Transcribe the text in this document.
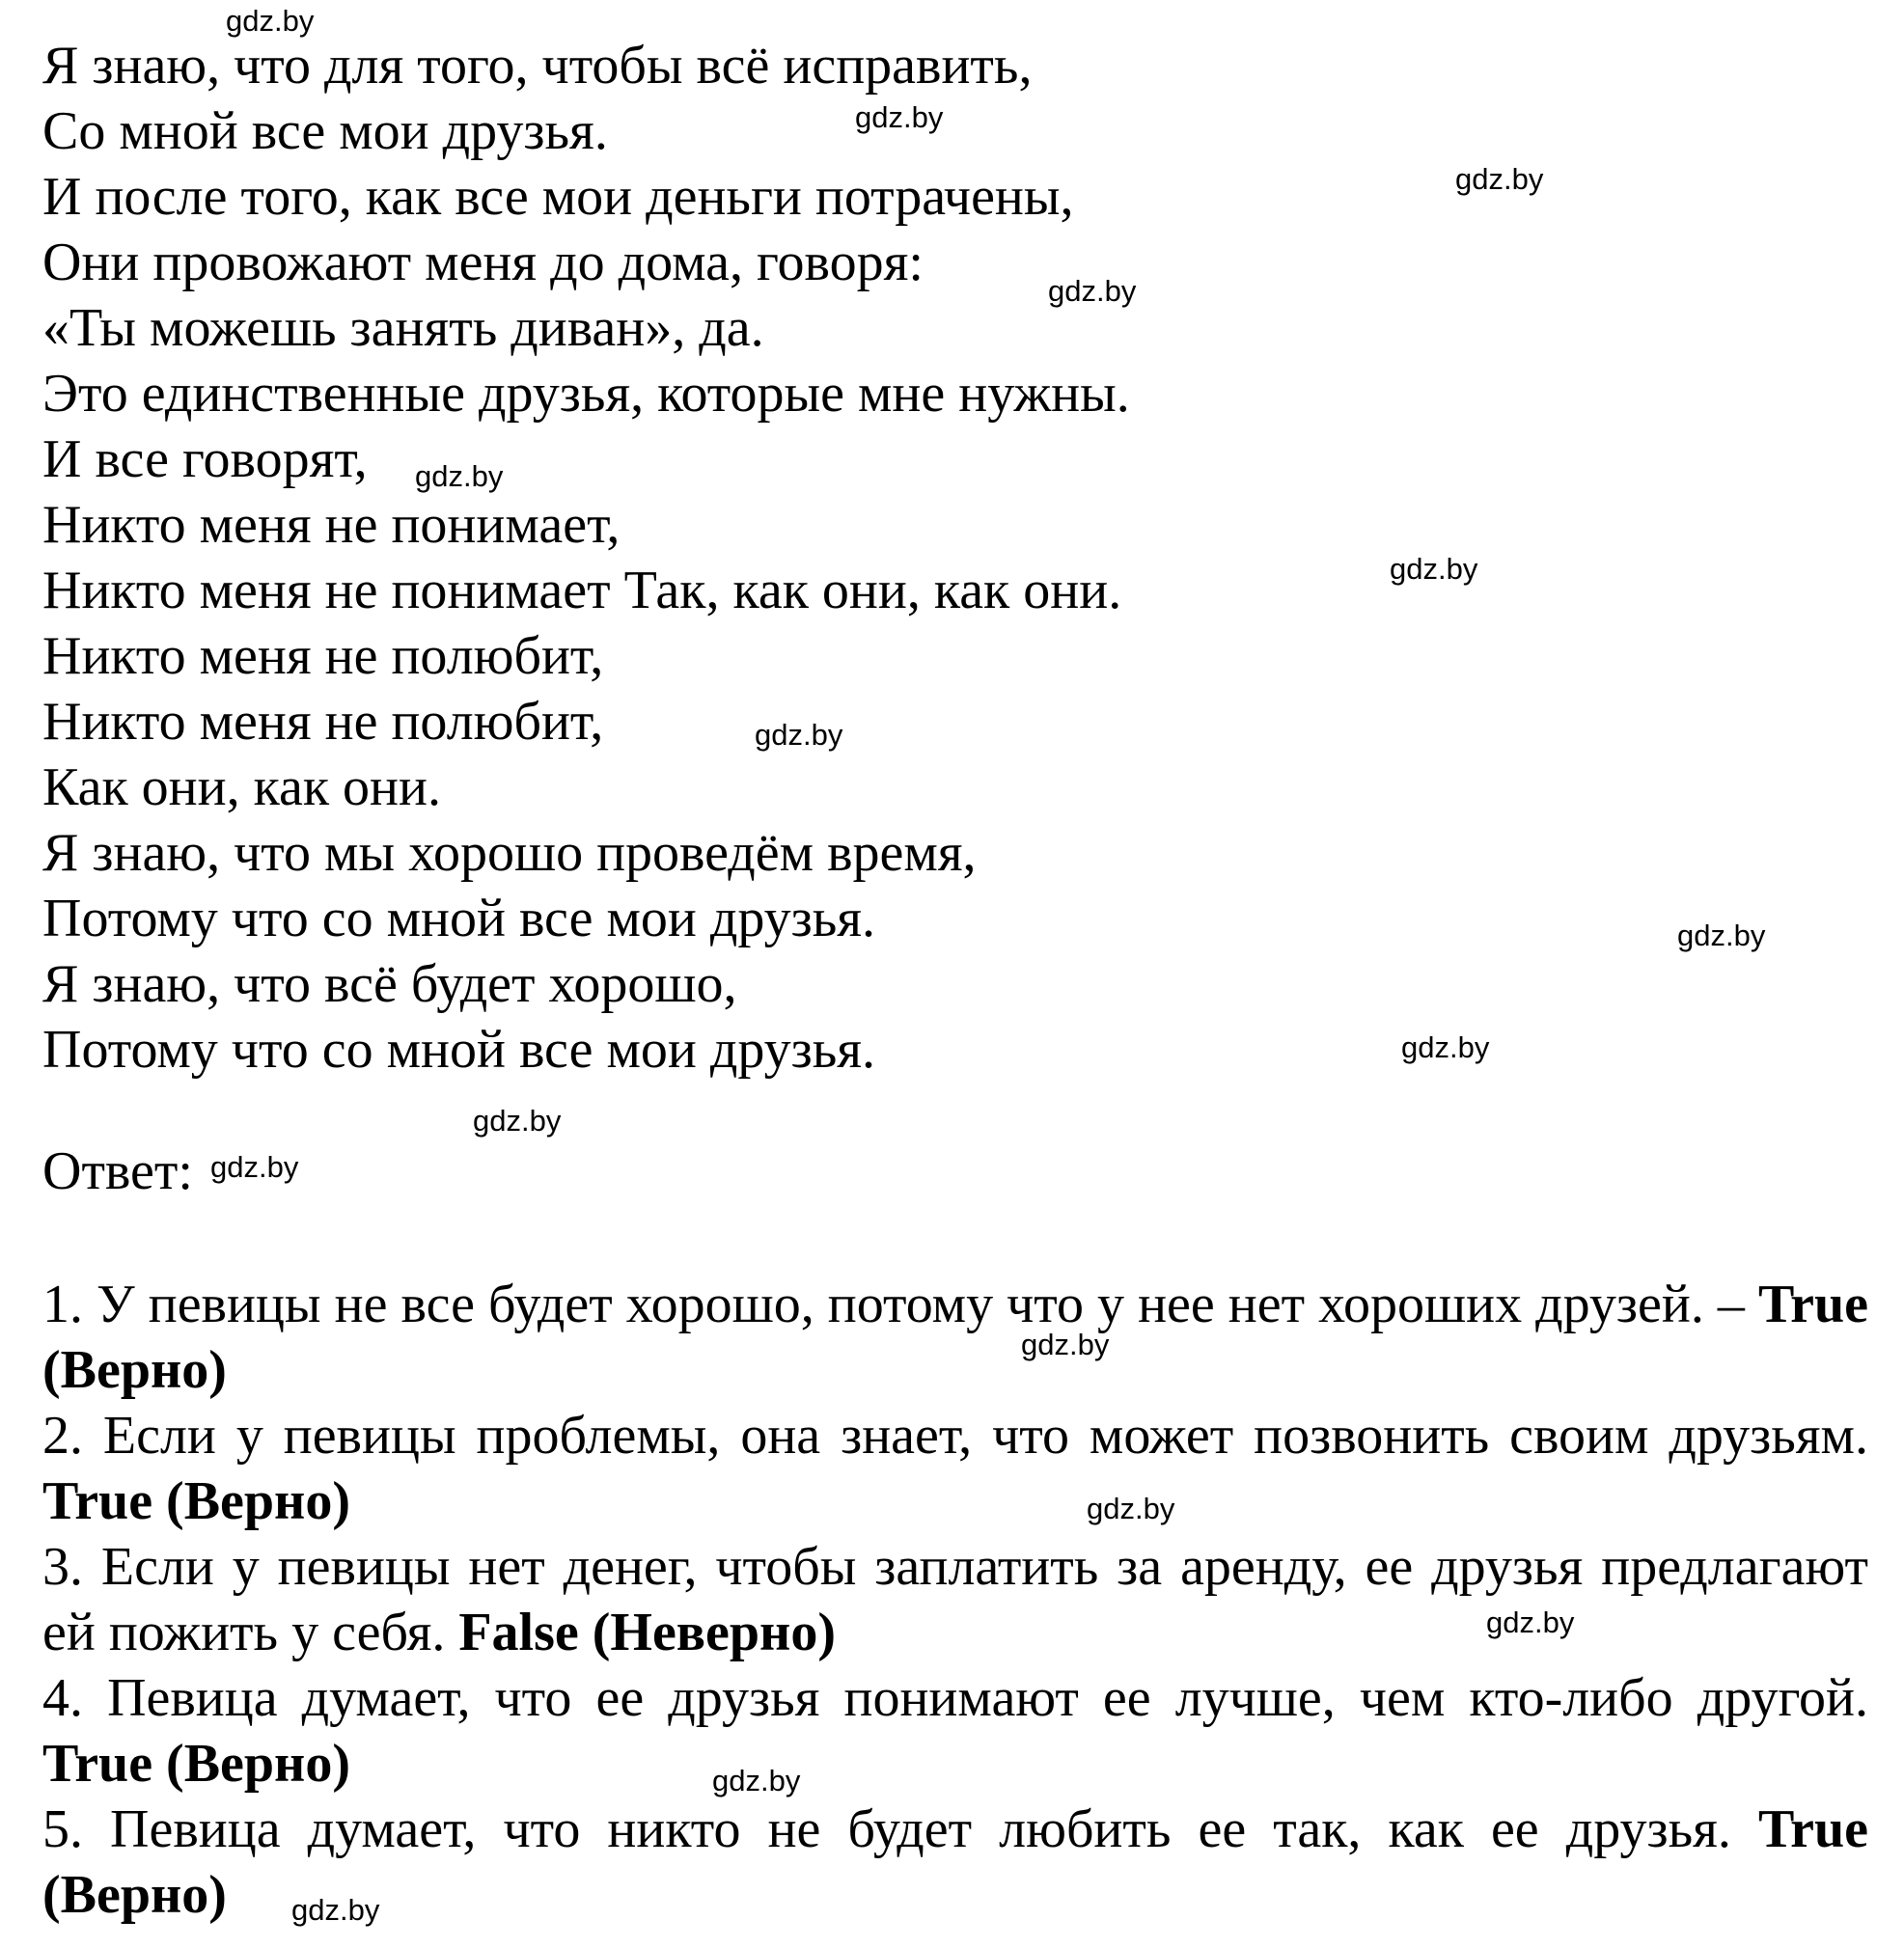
Я знаю, что для того, чтобы всё исправить,
Со мной все мои друзья.
И после того, как все мои деньги потрачены,
Они провожают меня до дома, говоря:
«Ты можешь занять диван», да.
Это единственные друзья, которые мне нужны.
И все говорят,
Никто меня не понимает,
Никто меня не понимает Так, как они, как они.
Никто меня не полюбит,
Никто меня не полюбит,
Как они, как они.
Я знаю, что мы хорошо проведём время,
Потому что со мной все мои друзья.
Я знаю, что всё будет хорошо,
Потому что со мной все мои друзья.
Ответ:

1. У певицы не все будет хорошо, потому что у нее нет хороших друзей. – True (Верно)

2. Если у певицы проблемы, она знает, что может позвонить своим друзьям. True (Верно)

3. Если у певицы нет денег, чтобы заплатить за аренду, ее друзья предлагают ей пожить у себя. False (Неверно)

4. Певица думает, что ее друзья понимают ее лучше, чем кто-либо другой. True (Верно)

5. Певица думает, что никто не будет любить ее так, как ее друзья. True (Верно)

gdz.by
gdz.by
gdz.by
gdz.by
gdz.by
gdz.by
gdz.by
gdz.by
gdz.by
gdz.by
gdz.by
gdz.by
gdz.by
gdz.by
gdz.by
gdz.by
